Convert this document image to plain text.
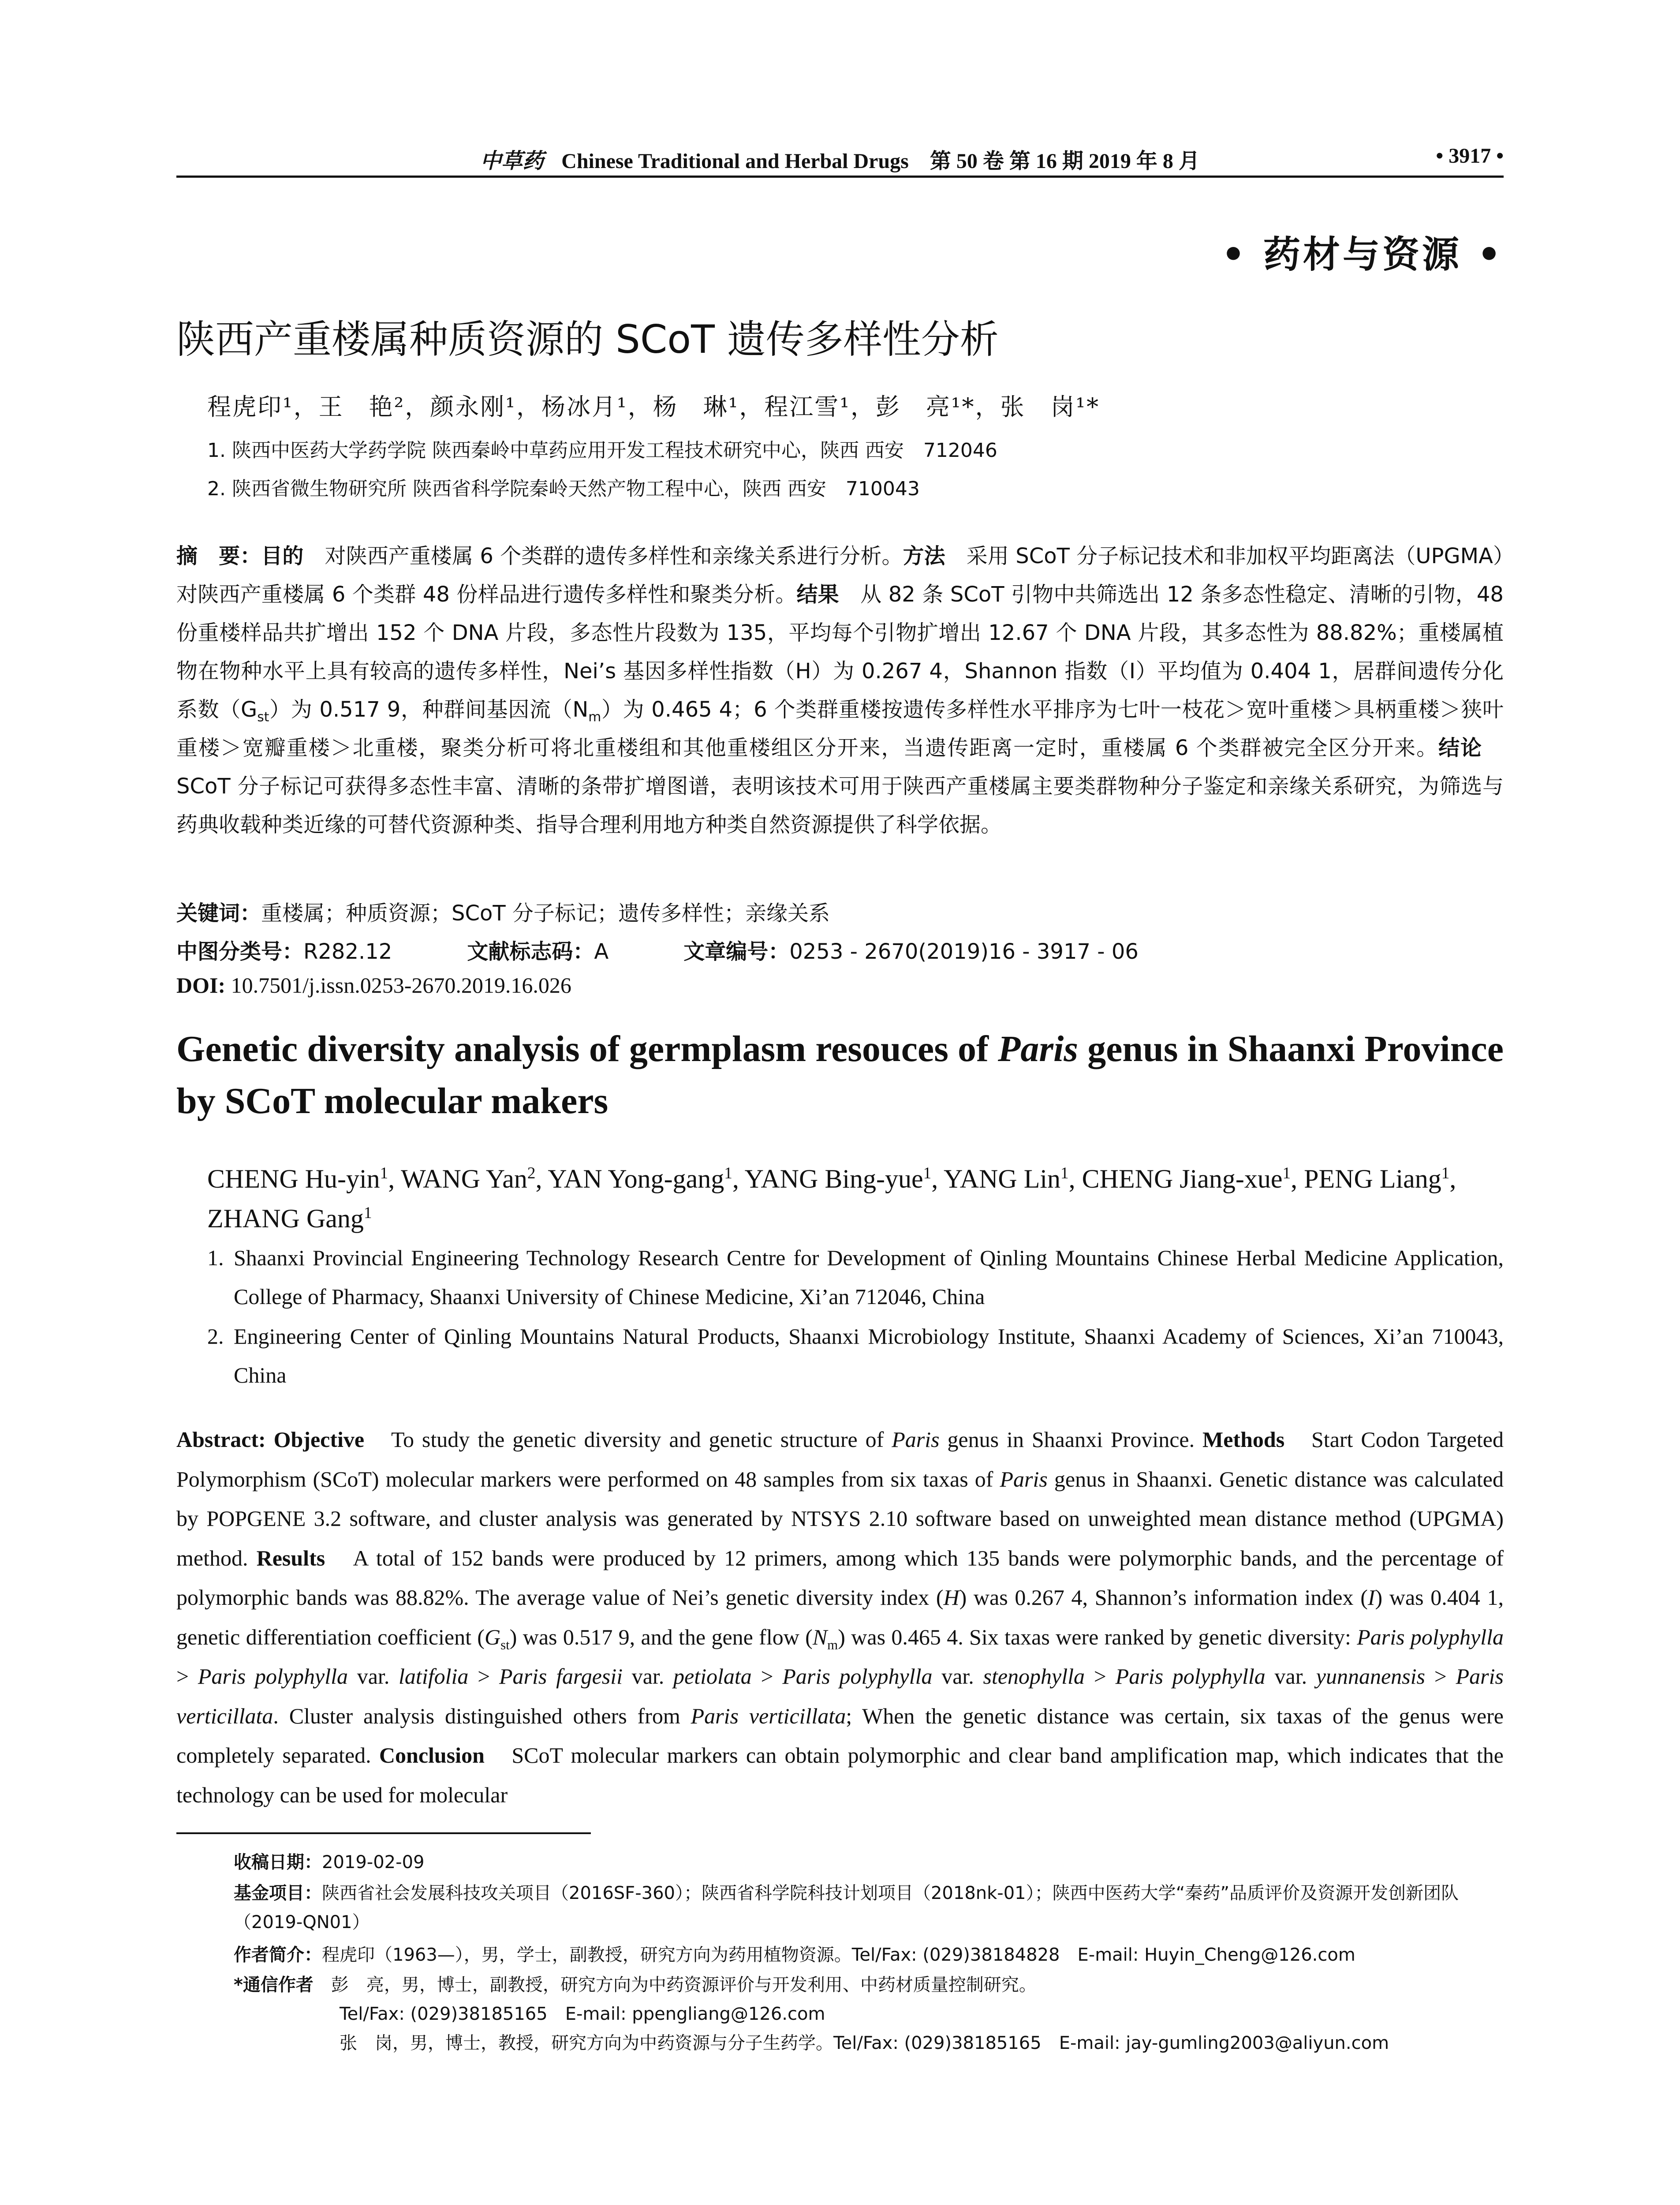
中草药 Chinese Traditional and Herbal Drugs　第 50 卷 第 16 期 2019 年 8 月	• 3917 •
• 药材与资源 •
陕西产重楼属种质资源的 SCoT 遗传多样性分析
程虎印¹，王　艳²，颜永刚¹，杨冰月¹，杨　琳¹，程江雪¹，彭　亮¹*，张　岗¹*
1. 陕西中医药大学药学院 陕西秦岭中草药应用开发工程技术研究中心，陕西 西安　712046
2. 陕西省微生物研究所 陕西省科学院秦岭天然产物工程中心，陕西 西安　710043
摘　要：目的　对陕西产重楼属 6 个类群的遗传多样性和亲缘关系进行分析。方法　采用 SCoT 分子标记技术和非加权平均距离法（UPGMA）对陕西产重楼属 6 个类群 48 份样品进行遗传多样性和聚类分析。结果　从 82 条 SCoT 引物中共筛选出 12 条多态性稳定、清晰的引物，48 份重楼样品共扩增出 152 个 DNA 片段，多态性片段数为 135，平均每个引物扩增出 12.67 个 DNA 片段，其多态性为 88.82%；重楼属植物在物种水平上具有较高的遗传多样性，Nei’s 基因多样性指数（H）为 0.267 4，Shannon 指数（I）平均值为 0.404 1，居群间遗传分化系数$(G_{st})$为 0.517 9，种群间基因流$(N_m)$为 0.465 4；6 个类群重楼按遗传多样性水平排序为七叶一枝花＞宽叶重楼＞具柄重楼＞狭叶重楼＞宽瓣重楼＞北重楼，聚类分析可将北重楼组和其他重楼组区分开来，当遗传距离一定时，重楼属 6 个类群被完全区分开来。结论　SCoT 分子标记可获得多态性丰富、清晰的条带扩增图谱，表明该技术可用于陕西产重楼属主要类群物种分子鉴定和亲缘关系研究，为筛选与药典收载种类近缘的可替代资源种类、指导合理利用地方种类自然资源提供了科学依据。
关键词：重楼属；种质资源；SCoT 分子标记；遗传多样性；亲缘关系
中图分类号：R282.12	文献标志码：A	文章编号：0253 - 2670(2019)16 - 3917 - 06
DOI: 10.7501/j.issn.0253-2670.2019.16.026
Genetic diversity analysis of germplasm resouces of Paris genus in Shaanxi Province by SCoT molecular makers
CHENG Hu-yin$^1$, WANG Yan$^2$, YAN Yong-gang$^1$, YANG Bing-yue$^1$, YANG Lin$^1$, CHENG Jiang-xue$^1$, PENG Liang$^1$, ZHANG Gang$^1$
1. Shaanxi Provincial Engineering Technology Research Centre for Development of Qinling Mountains Chinese Herbal Medicine Application, College of Pharmacy, Shaanxi University of Chinese Medicine, Xi’an 712046, China
2. Engineering Center of Qinling Mountains Natural Products, Shaanxi Microbiology Institute, Shaanxi Academy of Sciences, Xi’an 710043, China
Abstract: Objective　To study the genetic diversity and genetic structure of Paris genus in Shaanxi Province. Methods　Start Codon Targeted Polymorphism (SCoT) molecular markers were performed on 48 samples from six taxas of Paris genus in Shaanxi. Genetic distance was calculated by POPGENE 3.2 software, and cluster analysis was generated by NTSYS 2.10 software based on unweighted mean distance method (UPGMA) method. Results　A total of 152 bands were produced by 12 primers, among which 135 bands were polymorphic bands, and the percentage of polymorphic bands was 88.82%. The average value of Nei’s genetic diversity index (H) was 0.267 4, Shannon’s information index (I) was 0.404 1, genetic differentiation coefficient $(G_{st})$ was 0.517 9, and the gene flow $(N_m)$ was 0.465 4. Six taxas were ranked by genetic diversity: Paris polyphylla > Paris polyphylla var. latifolia > Paris fargesii var. petiolata > Paris polyphylla var. stenophylla > Paris polyphylla var. yunnanensis > Paris verticillata. Cluster analysis distinguished others from Paris verticillata; When the genetic distance was certain, six taxas of the genus were completely separated. Conclusion　SCoT molecular markers can obtain polymorphic and clear band amplification map, which indicates that the technology can be used for molecular
收稿日期：2019-02-09
基金项目：陕西省社会发展科技攻关项目（2016SF-360）；陕西省科学院科技计划项目（2018nk-01）；陕西中医药大学“秦药”品质评价及资源开发创新团队（2019-QN01）
作者简介：程虎印（1963—），男，学士，副教授，研究方向为药用植物资源。Tel/Fax: (029)38184828　E-mail: Huyin_Cheng@126.com
*通信作者　彭　亮，男，博士，副教授，研究方向为中药资源评价与开发利用、中药材质量控制研究。
Tel/Fax: (029)38185165　E-mail: ppengliang@126.com
张　岗，男，博士，教授，研究方向为中药资源与分子生药学。Tel/Fax: (029)38185165　E-mail: jay-gumling2003@aliyun.com
